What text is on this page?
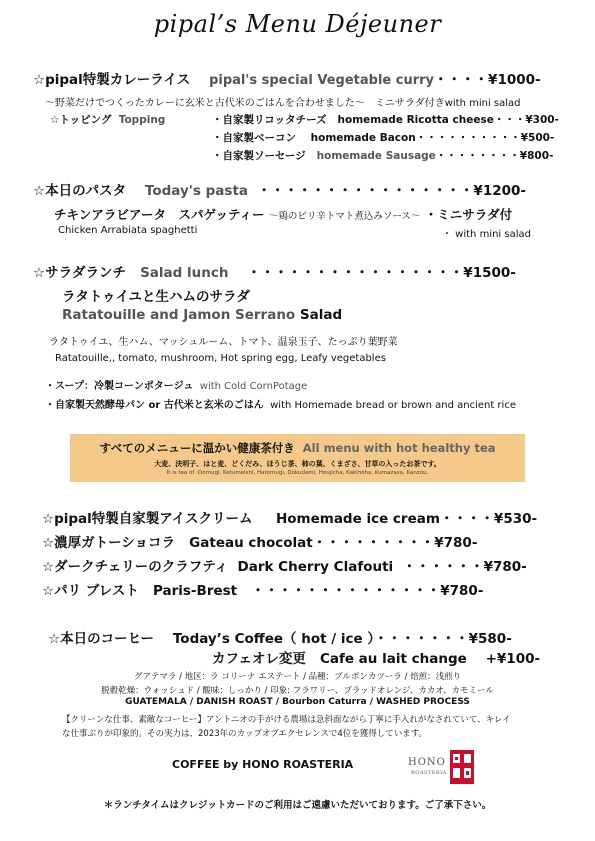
pipal’s Menu Déjeuner
☆pipal特製カレーライス pipal's special Vegetable curry・・・・¥1000-
～野菜だけでつくったカレーに玄米と古代米のごはんを合わせました～　ミニサラダ付きwith mini salad
☆トッピング Topping	・自家製リコッタチーズ homemade Ricotta cheese・・・¥300-
・自家製ベーコン homemade Bacon・・・・・・・・・・¥500-
・自家製ソーセージ homemade Sausage・・・・・・・・¥800-
☆本日のパスタ Today's pasta ・・・・・・・・・・・・・・・・¥1200-
チキンアラビアータ　スパゲッティー ～鶏のピリ辛トマト煮込みソース～ ・ミニサラダ付
Chicken Arrabiata spaghetti	・ with mini salad
☆サラダランチ Salad lunch ・・・・・・・・・・・・・・・・¥1500-
ラタトゥイユと生ハムのサラダ
Ratatouille and Jamon Serrano Salad
ラタトゥイユ、生ハム、マッシュルーム、トマト、温泉玉子、たっぷり葉野菜
Ratatouille,, tomato, mushroom, Hot spring egg, Leafy vegetables
・スープ：冷製コーンポタージュ with Cold CornPotage
・自家製天然酵母パン or 古代米と玄米のごはん with Homemade bread or brown and ancient rice
すべてのメニューに温かい健康茶付き All menu with hot healthy tea
大麦、決明子、はと麦、どくだみ、ほうじ茶、柿の葉、くまざさ、甘草の入ったお茶です。
It is tea of :Oomugi, Ketumeishi, Hatomugi, Dokudami, Houjicha, Kakinoha, Kumazasa, Kanzou.
☆pipal特製自家製アイスクリーム Homemade ice cream・・・・¥530-
☆濃厚ガトーショコラ Gateau chocolat・・・・・・・・・¥780-
☆ダークチェリーのクラフティ Dark Cherry Clafouti ・・・・・・¥780-
☆パリ ブレスト Paris-Brest ・・・・・・・・・・・・・・¥780-
☆本日のコーヒー Today’s Coffee（ hot / ice ）・・・・・・・¥580-
カフェオレ変更 Cafe au lait change +¥100-
グアテマラ / 地区：ラ コリーナ エステート / 品種：ブルボンカツーラ / 焙煎：浅煎り
脱穀乾燥：ウォッシュド / 酸味：しっかり / 印象: フラワリー、ブラッドオレンジ、カカオ、カモミール
GUATEMALA / DANISH ROAST / Bourbon Caturra / WASHED PROCESS
【クリーンな仕事、素敵なコーヒー】アントニオの手がける農場は急斜面ながら丁寧に手入れがなされていて、キレイ
な仕事ぶりが印象的。その実力は、2023年のカップオブエクセレンスで4位を獲得しています。
COFFEE by HONO ROASTERIA	HONO
ROASTERIA
＊ランチタイムはクレジットカードのご利用はご遠慮いただいております。ご了承下さい。
